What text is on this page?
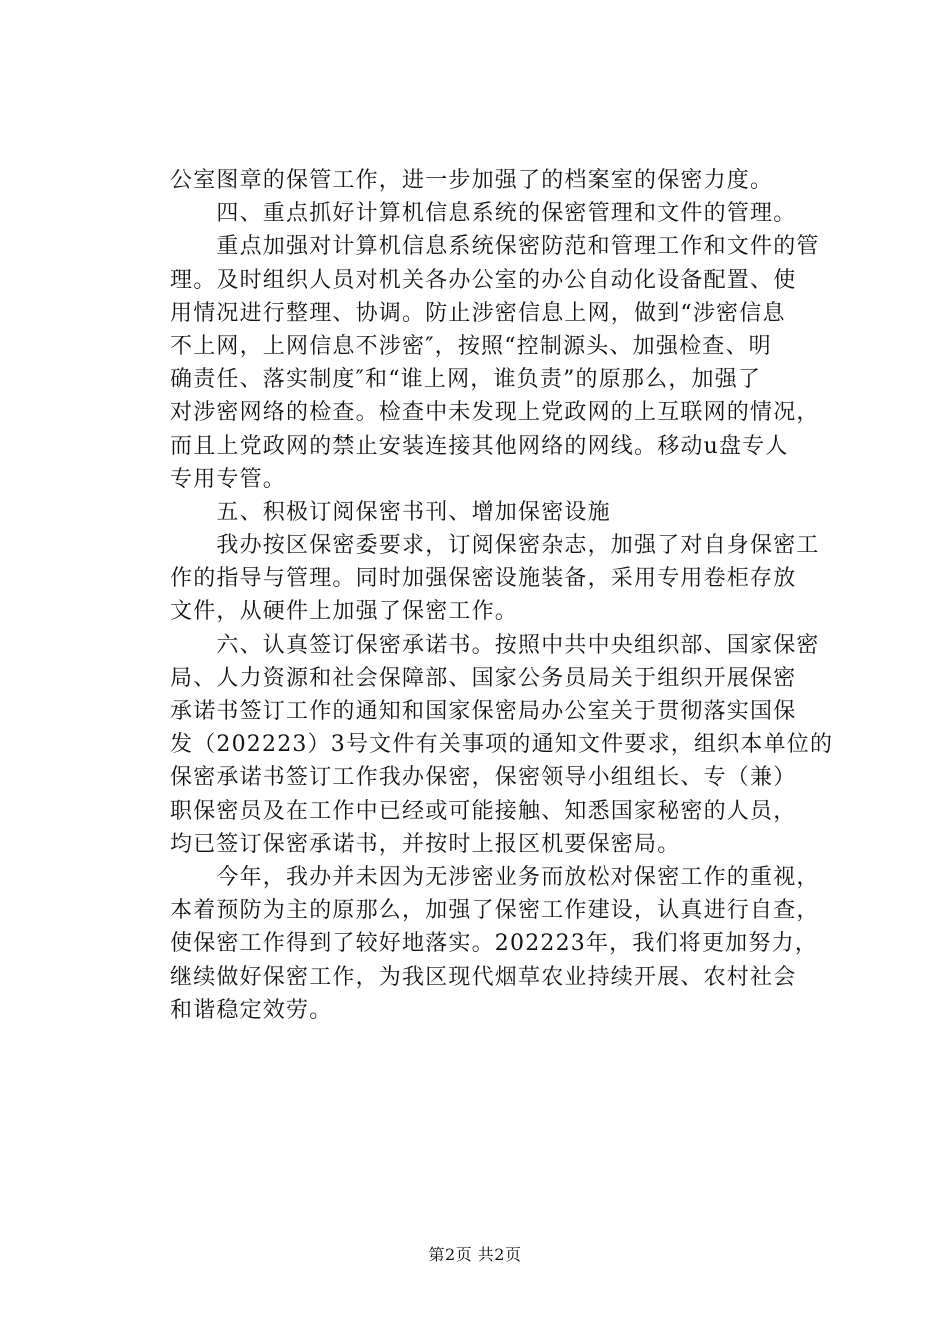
公室图章的保管工作，进一步加强了的档案室的保密力度。
　　四、重点抓好计算机信息系统的保密管理和文件的管理。
　　重点加强对计算机信息系统保密防范和管理工作和文件的管
理。及时组织人员对机关各办公室的办公自动化设备配置、使
用情况进行整理、协调。防止涉密信息上网，做到“涉密信息
不上网，上网信息不涉密″，按照“控制源头、加强检查、明
确责任、落实制度″和“谁上网，谁负责”的原那么，加强了
对涉密网络的检查。检查中未发现上党政网的上互联网的情况，
而且上党政网的禁止安装连接其他网络的网线。移动u盘专人
专用专管。
　　五、积极订阅保密书刊、增加保密设施
　　我办按区保密委要求，订阅保密杂志，加强了对自身保密工
作的指导与管理。同时加强保密设施装备，采用专用卷柜存放
文件，从硬件上加强了保密工作。
　　六、认真签订保密承诺书。按照中共中央组织部、国家保密
局、人力资源和社会保障部、国家公务员局关于组织开展保密
承诺书签订工作的通知和国家保密局办公室关于贯彻落实国保
发（202223）3号文件有关事项的通知文件要求，组织本单位的
保密承诺书签订工作我办保密，保密领导小组组长、专（兼）
职保密员及在工作中已经或可能接触、知悉国家秘密的人员，
均已签订保密承诺书，并按时上报区机要保密局。
　　今年，我办并未因为无涉密业务而放松对保密工作的重视，
本着预防为主的原那么，加强了保密工作建设，认真进行自查，
使保密工作得到了较好地落实。202223年，我们将更加努力，
继续做好保密工作，为我区现代烟草农业持续开展、农村社会
和谐稳定效劳。
第2页 共2页
